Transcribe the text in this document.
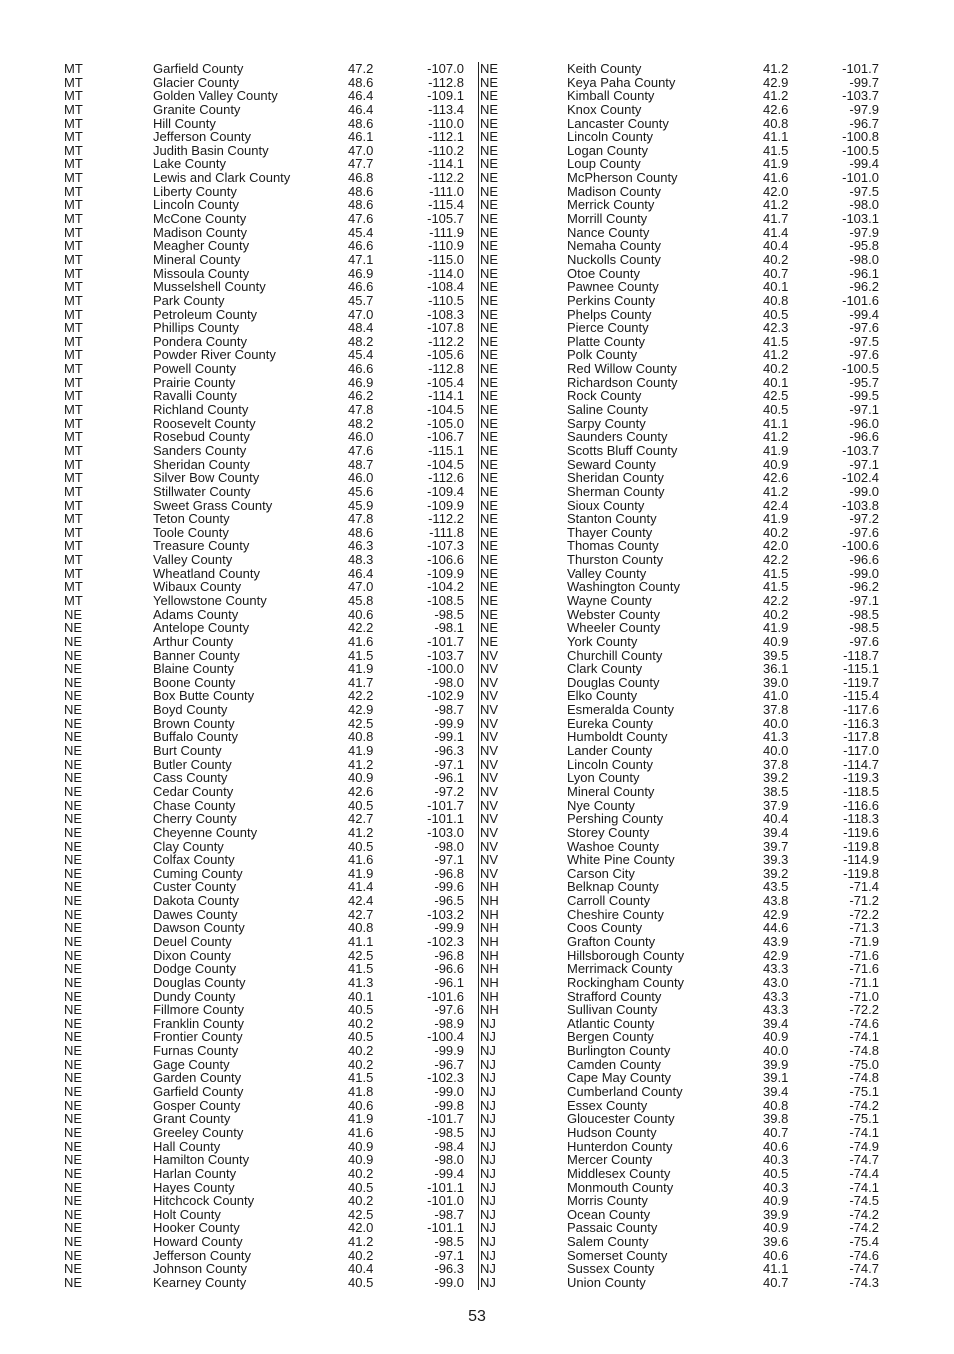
MT	Garfield County	47.2	-107.0
MT	Glacier County	48.6	-112.8
MT	Golden Valley County	46.4	-109.1
MT	Granite County	46.4	-113.4
MT	Hill County	48.6	-110.0
MT	Jefferson County	46.1	-112.1
MT	Judith Basin County	47.0	-110.2
MT	Lake County	47.7	-114.1
MT	Lewis and Clark County	46.8	-112.2
MT	Liberty County	48.6	-111.0
MT	Lincoln County	48.6	-115.4
MT	McCone County	47.6	-105.7
MT	Madison County	45.4	-111.9
MT	Meagher County	46.6	-110.9
MT	Mineral County	47.1	-115.0
MT	Missoula County	46.9	-114.0
MT	Musselshell County	46.6	-108.4
MT	Park County	45.7	-110.5
MT	Petroleum County	47.0	-108.3
MT	Phillips County	48.4	-107.8
MT	Pondera County	48.2	-112.2
MT	Powder River County	45.4	-105.6
MT	Powell County	46.6	-112.8
MT	Prairie County	46.9	-105.4
MT	Ravalli County	46.2	-114.1
MT	Richland County	47.8	-104.5
MT	Roosevelt County	48.2	-105.0
MT	Rosebud County	46.0	-106.7
MT	Sanders County	47.6	-115.1
MT	Sheridan County	48.7	-104.5
MT	Silver Bow County	46.0	-112.6
MT	Stillwater County	45.6	-109.4
MT	Sweet Grass County	45.9	-109.9
MT	Teton County	47.8	-112.2
MT	Toole County	48.6	-111.8
MT	Treasure County	46.3	-107.3
MT	Valley County	48.3	-106.6
MT	Wheatland County	46.4	-109.9
MT	Wibaux County	47.0	-104.2
MT	Yellowstone County	45.8	-108.5
NE	Adams County	40.6	-98.5
NE	Antelope County	42.2	-98.1
NE	Arthur County	41.6	-101.7
NE	Banner County	41.5	-103.7
NE	Blaine County	41.9	-100.0
NE	Boone County	41.7	-98.0
NE	Box Butte County	42.2	-102.9
NE	Boyd County	42.9	-98.7
NE	Brown County	42.5	-99.9
NE	Buffalo County	40.8	-99.1
NE	Burt County	41.9	-96.3
NE	Butler County	41.2	-97.1
NE	Cass County	40.9	-96.1
NE	Cedar County	42.6	-97.2
NE	Chase County	40.5	-101.7
NE	Cherry County	42.7	-101.1
NE	Cheyenne County	41.2	-103.0
NE	Clay County	40.5	-98.0
NE	Colfax County	41.6	-97.1
NE	Cuming County	41.9	-96.8
NE	Custer County	41.4	-99.6
NE	Dakota County	42.4	-96.5
NE	Dawes County	42.7	-103.2
NE	Dawson County	40.8	-99.9
NE	Deuel County	41.1	-102.3
NE	Dixon County	42.5	-96.8
NE	Dodge County	41.5	-96.6
NE	Douglas County	41.3	-96.1
NE	Dundy County	40.1	-101.6
NE	Fillmore County	40.5	-97.6
NE	Franklin County	40.2	-98.9
NE	Frontier County	40.5	-100.4
NE	Furnas County	40.2	-99.9
NE	Gage County	40.2	-96.7
NE	Garden County	41.5	-102.3
NE	Garfield County	41.8	-99.0
NE	Gosper County	40.6	-99.8
NE	Grant County	41.9	-101.7
NE	Greeley County	41.6	-98.5
NE	Hall County	40.9	-98.4
NE	Hamilton County	40.9	-98.0
NE	Harlan County	40.2	-99.4
NE	Hayes County	40.5	-101.1
NE	Hitchcock County	40.2	-101.0
NE	Holt County	42.5	-98.7
NE	Hooker County	42.0	-101.1
NE	Howard County	41.2	-98.5
NE	Jefferson County	40.2	-97.1
NE	Johnson County	40.4	-96.3
NE	Kearney County	40.5	-99.0
NE	Keith County	41.2	-101.7
NE	Keya Paha County	42.9	-99.7
NE	Kimball County	41.2	-103.7
NE	Knox County	42.6	-97.9
NE	Lancaster County	40.8	-96.7
NE	Lincoln County	41.1	-100.8
NE	Logan County	41.5	-100.5
NE	Loup County	41.9	-99.4
NE	McPherson County	41.6	-101.0
NE	Madison County	42.0	-97.5
NE	Merrick County	41.2	-98.0
NE	Morrill County	41.7	-103.1
NE	Nance County	41.4	-97.9
NE	Nemaha County	40.4	-95.8
NE	Nuckolls County	40.2	-98.0
NE	Otoe County	40.7	-96.1
NE	Pawnee County	40.1	-96.2
NE	Perkins County	40.8	-101.6
NE	Phelps County	40.5	-99.4
NE	Pierce County	42.3	-97.6
NE	Platte County	41.5	-97.5
NE	Polk County	41.2	-97.6
NE	Red Willow County	40.2	-100.5
NE	Richardson County	40.1	-95.7
NE	Rock County	42.5	-99.5
NE	Saline County	40.5	-97.1
NE	Sarpy County	41.1	-96.0
NE	Saunders County	41.2	-96.6
NE	Scotts Bluff County	41.9	-103.7
NE	Seward County	40.9	-97.1
NE	Sheridan County	42.6	-102.4
NE	Sherman County	41.2	-99.0
NE	Sioux County	42.4	-103.8
NE	Stanton County	41.9	-97.2
NE	Thayer County	40.2	-97.6
NE	Thomas County	42.0	-100.6
NE	Thurston County	42.2	-96.6
NE	Valley County	41.5	-99.0
NE	Washington County	41.5	-96.2
NE	Wayne County	42.2	-97.1
NE	Webster County	40.2	-98.5
NE	Wheeler County	41.9	-98.5
NE	York County	40.9	-97.6
NV	Churchill County	39.5	-118.7
NV	Clark County	36.1	-115.1
NV	Douglas County	39.0	-119.7
NV	Elko County	41.0	-115.4
NV	Esmeralda County	37.8	-117.6
NV	Eureka County	40.0	-116.3
NV	Humboldt County	41.3	-117.8
NV	Lander County	40.0	-117.0
NV	Lincoln County	37.8	-114.7
NV	Lyon County	39.2	-119.3
NV	Mineral County	38.5	-118.5
NV	Nye County	37.9	-116.6
NV	Pershing County	40.4	-118.3
NV	Storey County	39.4	-119.6
NV	Washoe County	39.7	-119.8
NV	White Pine County	39.3	-114.9
NV	Carson City	39.2	-119.8
NH	Belknap County	43.5	-71.4
NH	Carroll County	43.8	-71.2
NH	Cheshire County	42.9	-72.2
NH	Coos County	44.6	-71.3
NH	Grafton County	43.9	-71.9
NH	Hillsborough County	42.9	-71.6
NH	Merrimack County	43.3	-71.6
NH	Rockingham County	43.0	-71.1
NH	Strafford County	43.3	-71.0
NH	Sullivan County	43.3	-72.2
NJ	Atlantic County	39.4	-74.6
NJ	Bergen County	40.9	-74.1
NJ	Burlington County	40.0	-74.8
NJ	Camden County	39.9	-75.0
NJ	Cape May County	39.1	-74.8
NJ	Cumberland County	39.4	-75.1
NJ	Essex County	40.8	-74.2
NJ	Gloucester County	39.8	-75.1
NJ	Hudson County	40.7	-74.1
NJ	Hunterdon County	40.6	-74.9
NJ	Mercer County	40.3	-74.7
NJ	Middlesex County	40.5	-74.4
NJ	Monmouth County	40.3	-74.1
NJ	Morris County	40.9	-74.5
NJ	Ocean County	39.9	-74.2
NJ	Passaic County	40.9	-74.2
NJ	Salem County	39.6	-75.4
NJ	Somerset County	40.6	-74.6
NJ	Sussex County	41.1	-74.7
NJ	Union County	40.7	-74.3
53
